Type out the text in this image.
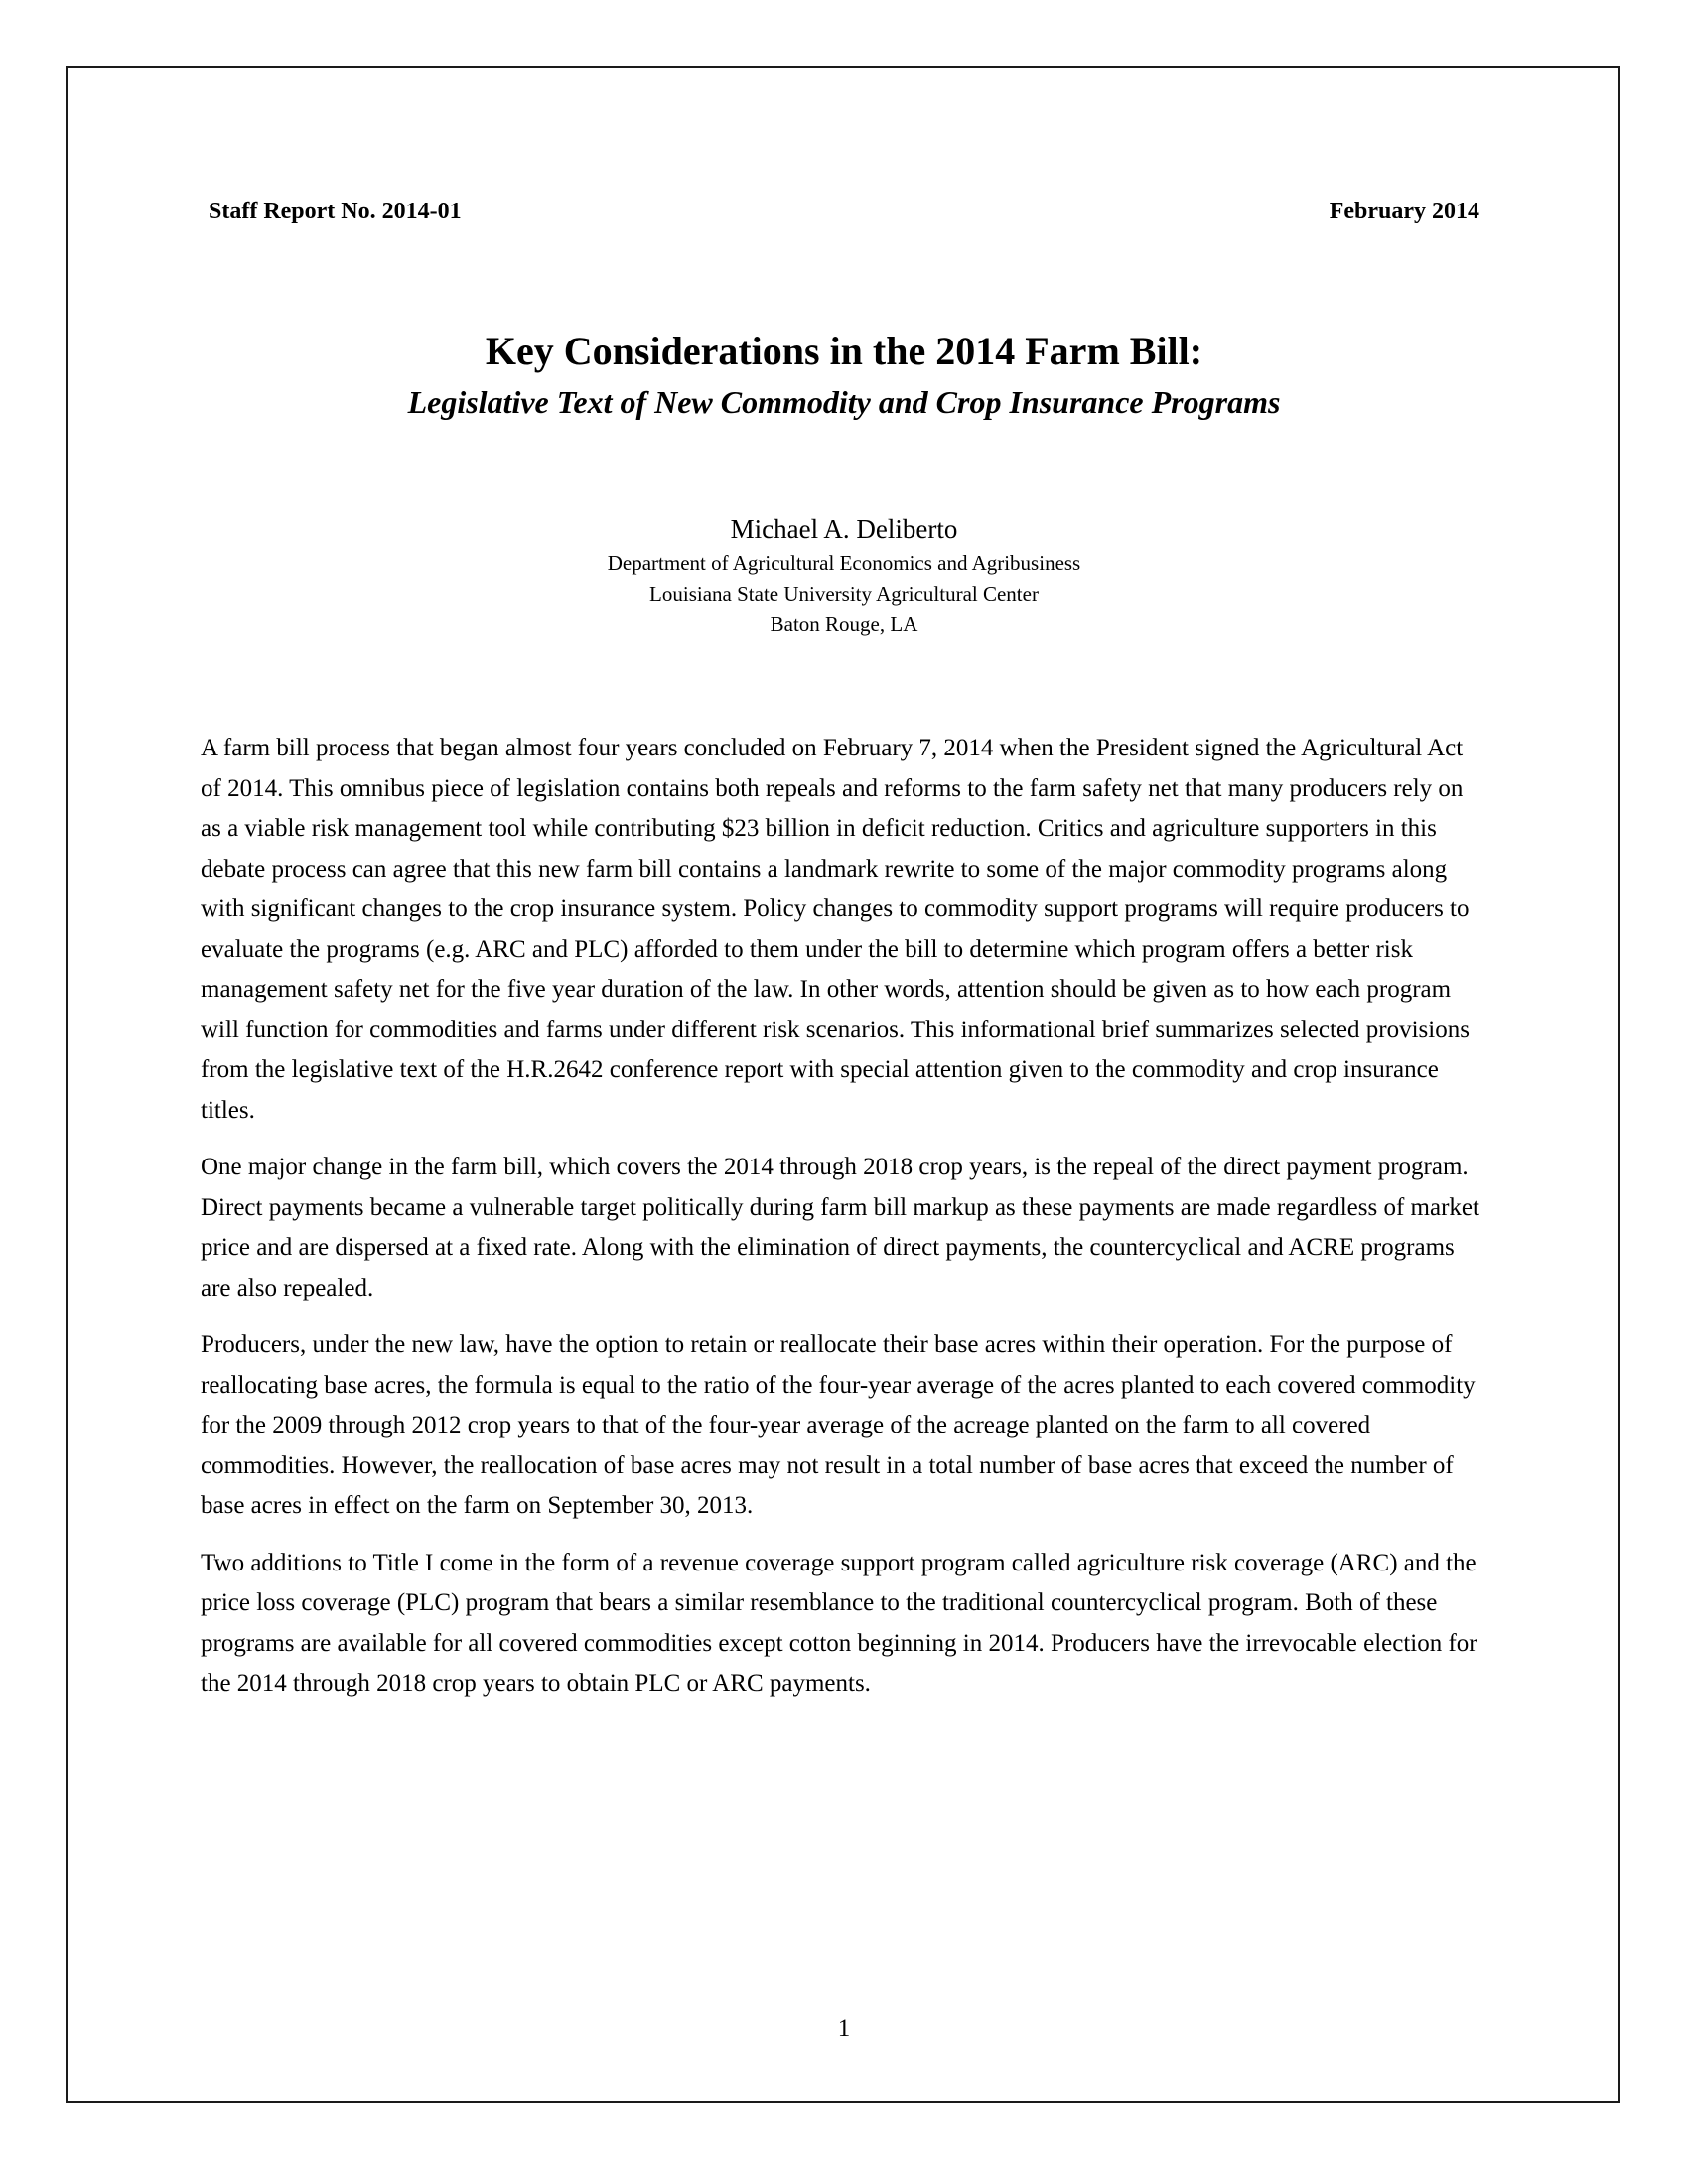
Staff Report No. 2014-01	February 2014
Key Considerations in the 2014 Farm Bill:
Legislative Text of New Commodity and Crop Insurance Programs
Michael A. Deliberto
Department of Agricultural Economics and Agribusiness
Louisiana State University Agricultural Center
Baton Rouge, LA

A farm bill process that began almost four years concluded on February 7, 2014 when the President signed the Agricultural Act of 2014. This omnibus piece of legislation contains both repeals and reforms to the farm safety net that many producers rely on as a viable risk management tool while contributing $23 billion in deficit reduction. Critics and agriculture supporters in this debate process can agree that this new farm bill contains a landmark rewrite to some of the major commodity programs along with significant changes to the crop insurance system. Policy changes to commodity support programs will require producers to evaluate the programs (e.g. ARC and PLC) afforded to them under the bill to determine which program offers a better risk management safety net for the five year duration of the law. In other words, attention should be given as to how each program will function for commodities and farms under different risk scenarios. This informational brief summarizes selected provisions from the legislative text of the H.R.2642 conference report with special attention given to the commodity and crop insurance titles.

One major change in the farm bill, which covers the 2014 through 2018 crop years, is the repeal of the direct payment program. Direct payments became a vulnerable target politically during farm bill markup as these payments are made regardless of market price and are dispersed at a fixed rate. Along with the elimination of direct payments, the countercyclical and ACRE programs are also repealed.

Producers, under the new law, have the option to retain or reallocate their base acres within their operation. For the purpose of reallocating base acres, the formula is equal to the ratio of the four-year average of the acres planted to each covered commodity for the 2009 through 2012 crop years to that of the four-year average of the acreage planted on the farm to all covered commodities. However, the reallocation of base acres may not result in a total number of base acres that exceed the number of base acres in effect on the farm on September 30, 2013.

Two additions to Title I come in the form of a revenue coverage support program called agriculture risk coverage (ARC) and the price loss coverage (PLC) program that bears a similar resemblance to the traditional countercyclical program. Both of these programs are available for all covered commodities except cotton beginning in 2014. Producers have the irrevocable election for the 2014 through 2018 crop years to obtain PLC or ARC payments.

1
